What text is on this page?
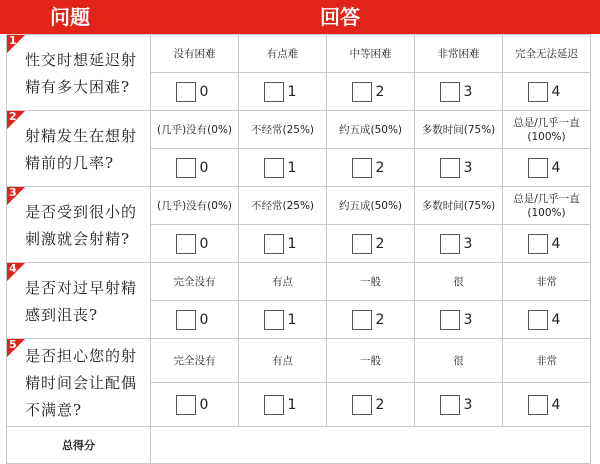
问题	回答
1
性交时想延迟射精有多大困难?	没有困难	有点难	中等困难	非常困难	完全无法延迟
	0	1	2	3	4

2
射精发生在想射精前的几率?	(几乎)没有(0%)	不经常(25%)	约五成(50%)	多数时间(75%)	总是/几乎一直(100%)
	0	1	2	3	4

3
是否受到很小的刺激就会射精?	(几乎)没有(0%)	不经常(25%)	约五成(50%)	多数时间(75%)	总是/几乎一直(100%)
	0	1	2	3	4

4
是否对过早射精感到沮丧?	完全没有	有点	一般	很	非常
	0	1	2	3	4

5
是否担心您的射精时间会让配偶不满意?	完全没有	有点	一般	很	非常
	0	1	2	3	4
总得分					
